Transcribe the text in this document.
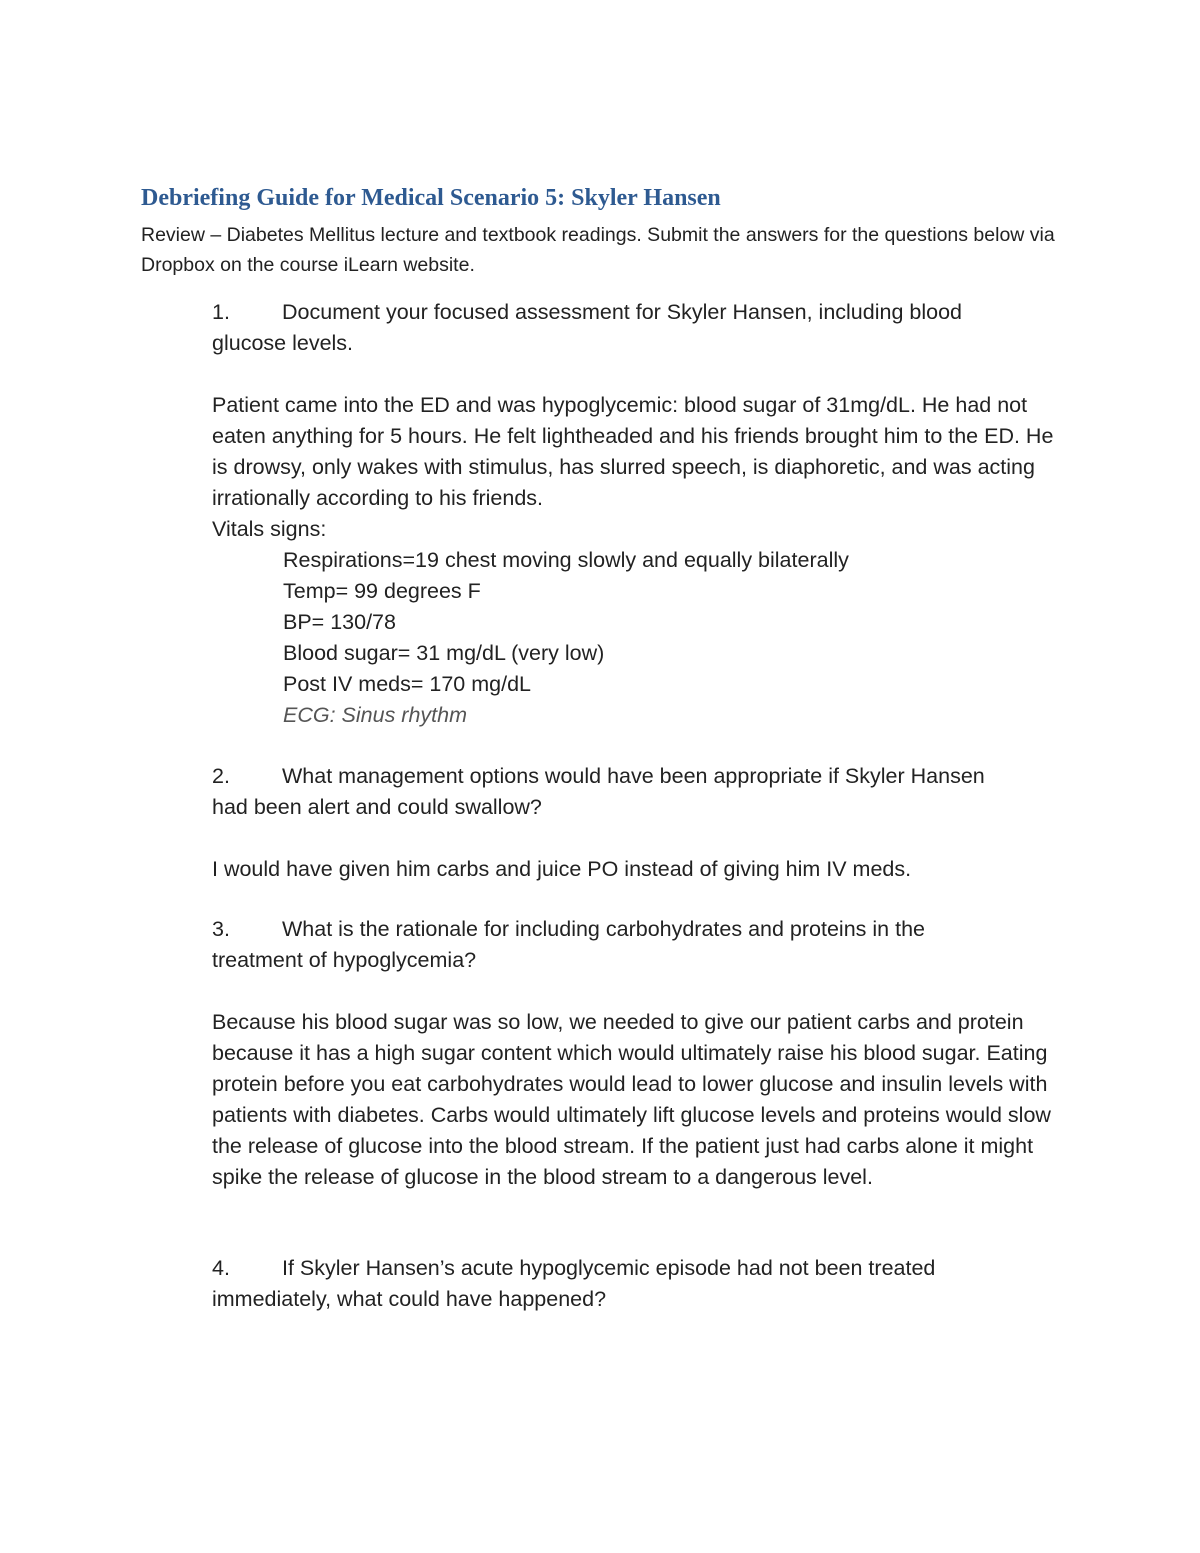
Debriefing Guide for Medical Scenario 5: Skyler Hansen
Review – Diabetes Mellitus lecture and textbook readings. Submit the answers for the questions below via Dropbox on the course iLearn website.
1. Document your focused assessment for Skyler Hansen, including blood
glucose levels.
Patient came into the ED and was hypoglycemic: blood sugar of 31mg/dL. He had not eaten anything for 5 hours. He felt lightheaded and his friends brought him to the ED. He is drowsy, only wakes with stimulus, has slurred speech, is diaphoretic, and was acting irrationally according to his friends.
Vitals signs:
Respirations=19 chest moving slowly and equally bilaterally
Temp= 99 degrees F
BP= 130/78
Blood sugar= 31 mg/dL (very low)
Post IV meds= 170 mg/dL
ECG: Sinus rhythm
2. What management options would have been appropriate if Skyler Hansen
had been alert and could swallow?
I would have given him carbs and juice PO instead of giving him IV meds.
3. What is the rationale for including carbohydrates and proteins in the
treatment of hypoglycemia?
Because his blood sugar was so low, we needed to give our patient carbs and protein because it has a high sugar content which would ultimately raise his blood sugar. Eating protein before you eat carbohydrates would lead to lower glucose and insulin levels with patients with diabetes. Carbs would ultimately lift glucose levels and proteins would slow the release of glucose into the blood stream. If the patient just had carbs alone it might spike the release of glucose in the blood stream to a dangerous level.
4. If Skyler Hansen’s acute hypoglycemic episode had not been treated
immediately, what could have happened?
